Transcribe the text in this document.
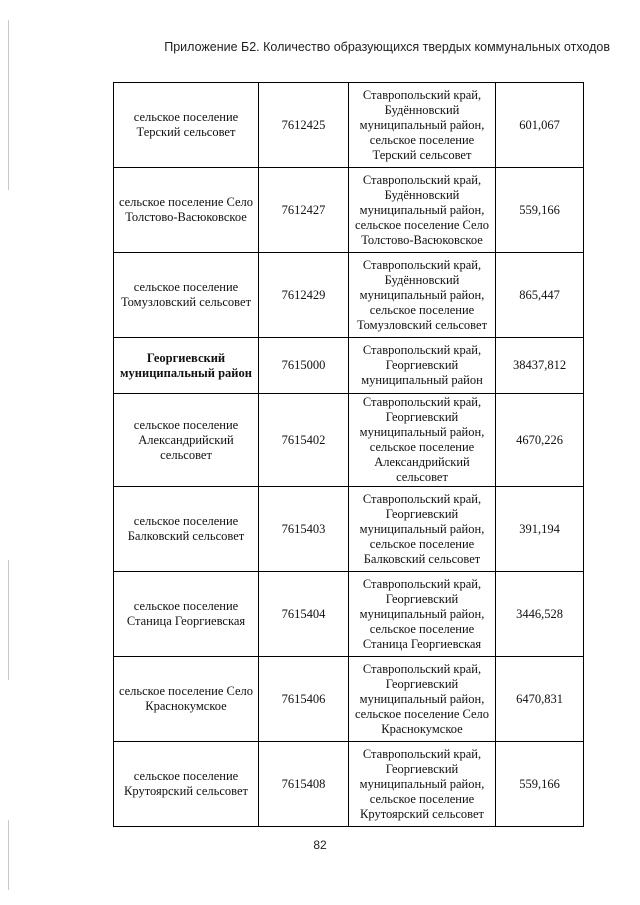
Приложение Б2. Количество образующихся твердых коммунальных отходов
сельское поселение Терский сельсовет	7612425	Ставропольский край, Будённовский муниципальный район, сельское поселение Терский сельсовет	601,067
сельское поселение Село Толстово-Васюковское	7612427	Ставропольский край, Будённовский муниципальный район, сельское поселение Село Толстово-Васюковское	559,166
сельское поселение Томузловский сельсовет	7612429	Ставропольский край, Будённовский муниципальный район, сельское поселение Томузловский сельсовет	865,447
Георгиевский муниципальный район	7615000	Ставропольский край, Георгиевский муниципальный район	38437,812
сельское поселение Александрийский сельсовет	7615402	Ставропольский край, Георгиевский муниципальный район, сельское поселение Александрийский сельсовет	4670,226
сельское поселение Балковский сельсовет	7615403	Ставропольский край, Георгиевский муниципальный район, сельское поселение Балковский сельсовет	391,194
сельское поселение Станица Георгиевская	7615404	Ставропольский край, Георгиевский муниципальный район, сельское поселение Станица Георгиевская	3446,528
сельское поселение Село Краснокумское	7615406	Ставропольский край, Георгиевский муниципальный район, сельское поселение Село Краснокумское	6470,831
сельское поселение Крутоярский сельсовет	7615408	Ставропольский край, Георгиевский муниципальный район, сельское поселение Крутоярский сельсовет	559,166
82
